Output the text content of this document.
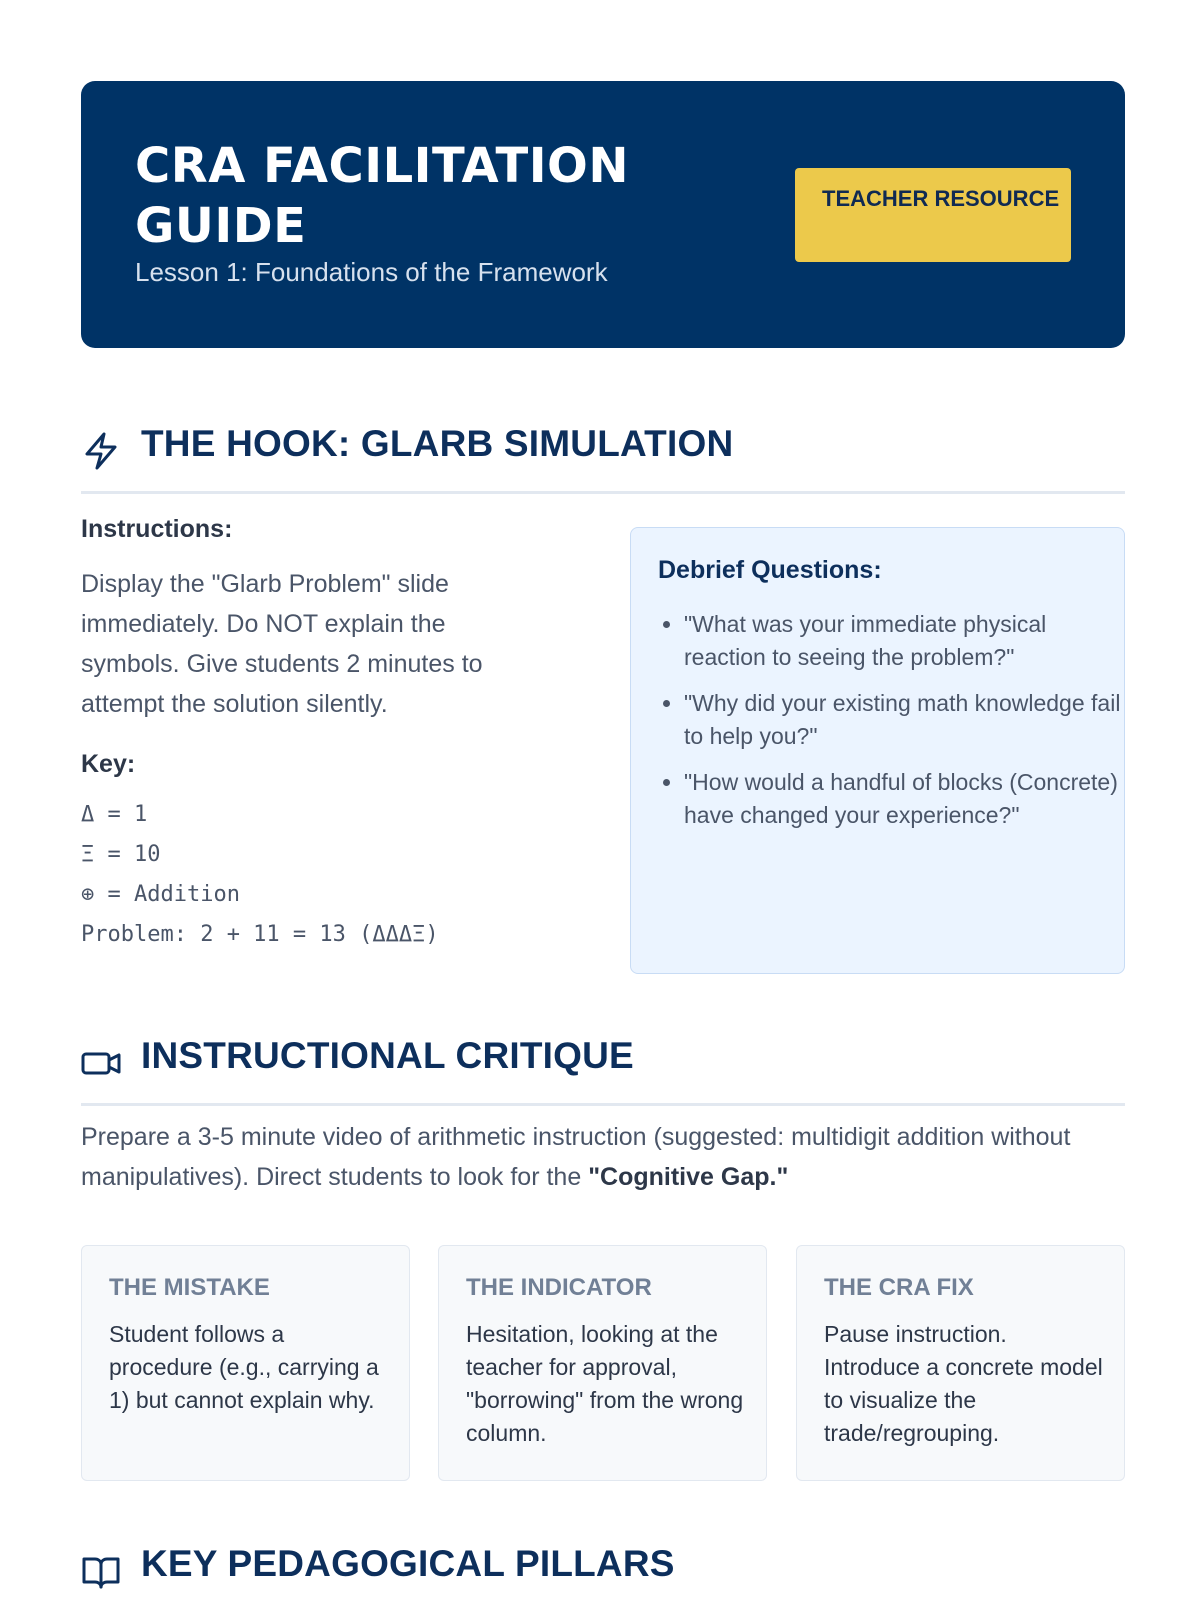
CRA FACILITATION GUIDE
Lesson 1: Foundations of the Framework
TEACHER RESOURCE
THE HOOK: GLARB SIMULATION
Instructions:
Display the "Glarb Problem" slide immediately. Do NOT explain the symbols. Give students 2 minutes to attempt the solution silently.
Key:
Δ = 1
Ξ = 10
⊕ = Addition
Problem: 2 + 11 = 13 (ΔΔΔΞ)
Debrief Questions:
• "What was your immediate physical reaction to seeing the problem?"
• "Why did your existing math knowledge fail to help you?"
• "How would a handful of blocks (Concrete) have changed your experience?"
INSTRUCTIONAL CRITIQUE
Prepare a 3-5 minute video of arithmetic instruction (suggested: multidigit addition without manipulatives). Direct students to look for the "Cognitive Gap."
THE MISTAKE
Student follows a procedure (e.g., carrying a 1) but cannot explain why.
THE INDICATOR
Hesitation, looking at the teacher for approval, "borrowing" from the wrong column.
THE CRA FIX
Pause instruction. Introduce a concrete model to visualize the trade/regrouping.
KEY PEDAGOGICAL PILLARS
